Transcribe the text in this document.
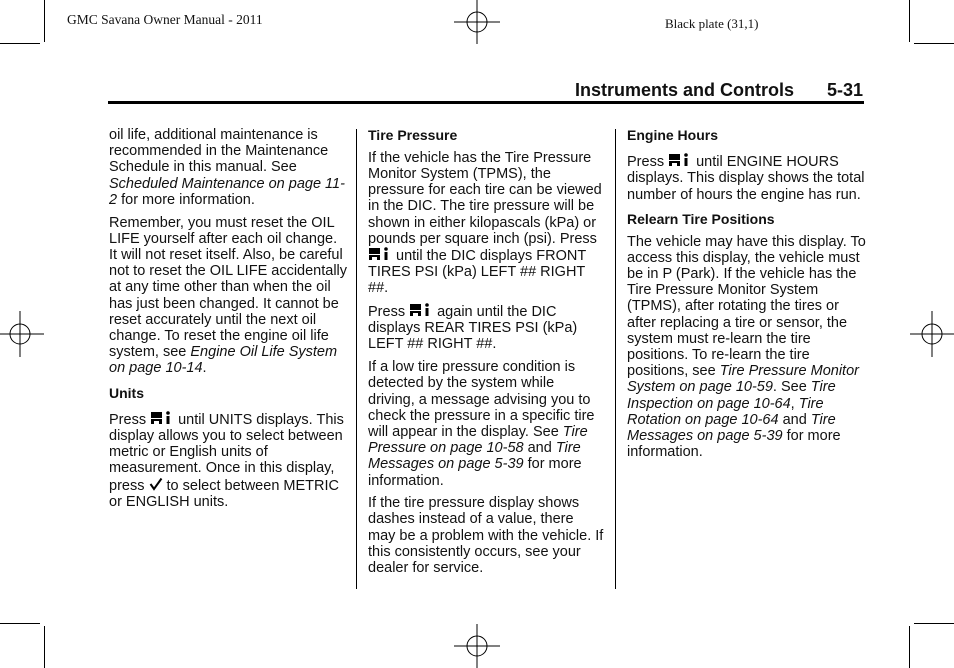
GMC Savana Owner Manual - 2011	Black plate (31,1)
Instruments and Controls 5-31

oil life, additional maintenance is recommended in the Maintenance Schedule in this manual. See Scheduled Maintenance on page 11-2 for more information.

Remember, you must reset the OIL LIFE yourself after each oil change. It will not reset itself. Also, be careful not to reset the OIL LIFE accidentally at any time other than when the oil has just been changed. It cannot be reset accurately until the next oil change. To reset the engine oil life system, see Engine Oil Life System on page 10-14.

Units

Press  until UNITS displays. This display allows you to select between metric or English units of measurement. Once in this display, press  to select between METRIC or ENGLISH units.

Tire Pressure

If the vehicle has the Tire Pressure Monitor System (TPMS), the pressure for each tire can be viewed in the DIC. The tire pressure will be shown in either kilopascals (kPa) or pounds per square inch (psi). Press  until the DIC displays FRONT TIRES PSI (kPa) LEFT ## RIGHT ##.

Press  again until the DIC displays REAR TIRES PSI (kPa) LEFT ## RIGHT ##.

If a low tire pressure condition is detected by the system while driving, a message advising you to check the pressure in a specific tire will appear in the display. See Tire Pressure on page 10-58 and Tire Messages on page 5-39 for more information.

If the tire pressure display shows dashes instead of a value, there may be a problem with the vehicle. If this consistently occurs, see your dealer for service.

Engine Hours

Press  until ENGINE HOURS displays. This display shows the total number of hours the engine has run.

Relearn Tire Positions

The vehicle may have this display. To access this display, the vehicle must be in P (Park). If the vehicle has the Tire Pressure Monitor System (TPMS), after rotating the tires or after replacing a tire or sensor, the system must re-learn the tire positions. To re-learn the tire positions, see Tire Pressure Monitor System on page 10-59. See Tire Inspection on page 10-64, Tire Rotation on page 10-64 and Tire Messages on page 5-39 for more information.
